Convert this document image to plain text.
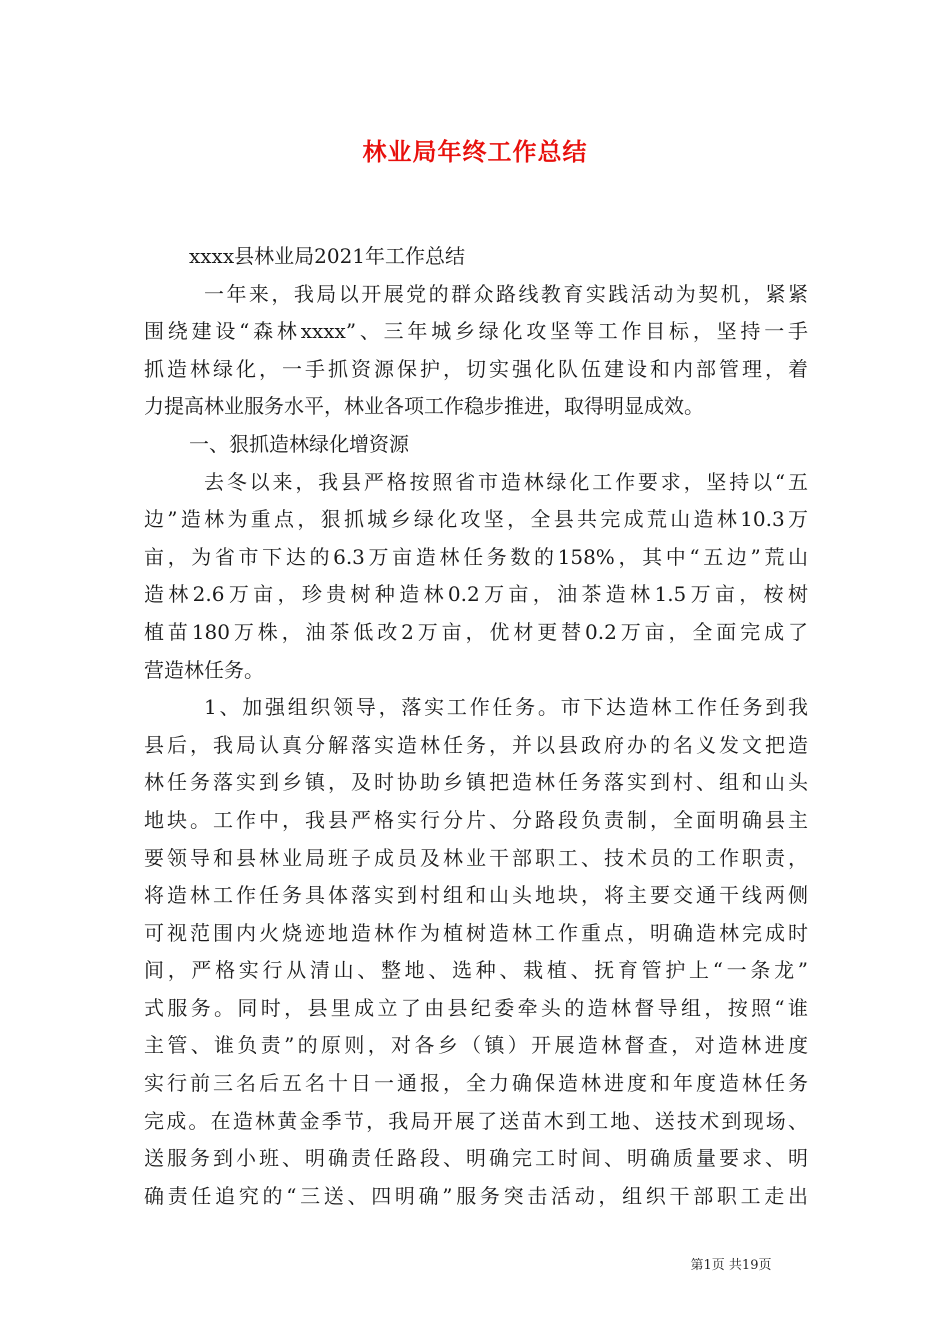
林业局年终工作总结
xxxx县林业局2021年工作总结
一年来，我局以开展党的群众路线教育实践活动为契机，紧紧
围绕建设“森林xxxx”、三年城乡绿化攻坚等工作目标，坚持一手
抓造林绿化，一手抓资源保护，切实强化队伍建设和内部管理，着
力提高林业服务水平，林业各项工作稳步推进，取得明显成效。
一、狠抓造林绿化增资源
去冬以来，我县严格按照省市造林绿化工作要求，坚持以“五
边”造林为重点，狠抓城乡绿化攻坚，全县共完成荒山造林10.3万
亩，为省市下达的6.3万亩造林任务数的158%，其中“五边”荒山
造林2.6万亩，珍贵树种造林0.2万亩，油茶造林1.5万亩，桉树
植苗180万株，油茶低改2万亩，优材更替0.2万亩，全面完成了
营造林任务。
1、加强组织领导，落实工作任务。市下达造林工作任务到我
县后，我局认真分解落实造林任务，并以县政府办的名义发文把造
林任务落实到乡镇，及时协助乡镇把造林任务落实到村、组和山头
地块。工作中，我县严格实行分片、分路段负责制，全面明确县主
要领导和县林业局班子成员及林业干部职工、技术员的工作职责，
将造林工作任务具体落实到村组和山头地块，将主要交通干线两侧
可视范围内火烧迹地造林作为植树造林工作重点，明确造林完成时
间，严格实行从清山、整地、选种、栽植、抚育管护上“一条龙”
式服务。同时，县里成立了由县纪委牵头的造林督导组，按照“谁
主管、谁负责”的原则，对各乡（镇）开展造林督查，对造林进度
实行前三名后五名十日一通报，全力确保造林进度和年度造林任务
完成。在造林黄金季节，我局开展了送苗木到工地、送技术到现场、
送服务到小班、明确责任路段、明确完工时间、明确质量要求、明
确责任追究的“三送、四明确”服务突击活动，组织干部职工走出
第1页 共19页
